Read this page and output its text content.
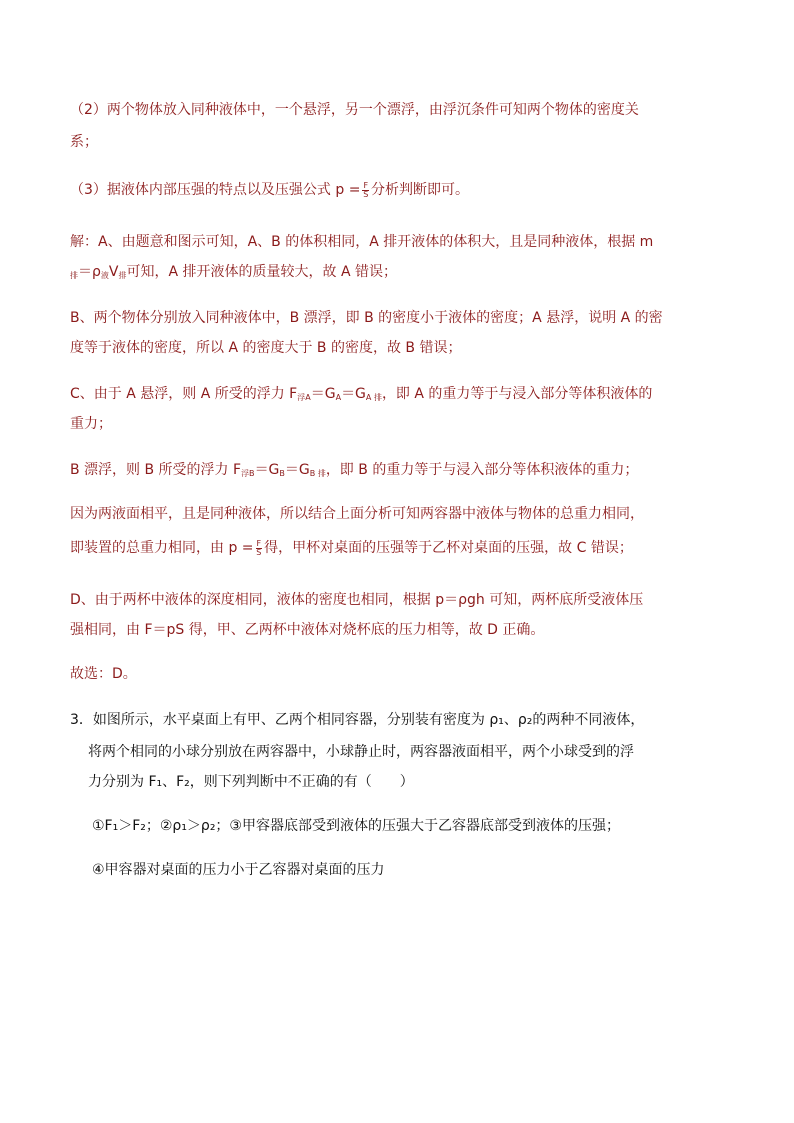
（2）两个物体放入同种液体中，一个悬浮，另一个漂浮，由浮沉条件可知两个物体的密度关
系；
（3）据液体内部压强的特点以及压强公式 $p = \frac{F}{S}$ 分析判断即可。
解：A、由题意和图示可知，A、B 的体积相同，A 排开液体的体积大，且是同种液体，根据 m
$_排=\rho_液V_排$可知，A 排开液体的质量较大，故 A 错误；
B、两个物体分别放入同种液体中，B 漂浮，即 B 的密度小于液体的密度；A 悬浮，说明 A 的密
度等于液体的密度，所以 A 的密度大于 B 的密度，故 B 错误；
C、由于 A 悬浮，则 A 所受的浮力 $F_{浮A}=G_A=G_{A 排}$，即 A 的重力等于与浸入部分等体积液体的
重力；
B 漂浮，则 B 所受的浮力 $F_{浮B}=G_B=G_{B 排}$，即 B 的重力等于与浸入部分等体积液体的重力；
因为两液面相平，且是同种液体，所以结合上面分析可知两容器中液体与物体的总重力相同，
即装置的总重力相同，由 $p = \frac{F}{S}$ 得，甲杯对桌面的压强等于乙杯对桌面的压强，故 C 错误；
D、由于两杯中液体的深度相同，液体的密度也相同，根据 p＝ρgh 可知，两杯底所受液体压
强相同，由 F＝pS 得，甲、乙两杯中液体对烧杯底的压力相等，故 D 正确。
故选：D。
3．如图所示，水平桌面上有甲、乙两个相同容器，分别装有密度为 ρ₁、ρ₂的两种不同液体，
将两个相同的小球分别放在两容器中，小球静止时，两容器液面相平，两个小球受到的浮
力分别为 F₁、F₂，则下列判断中不正确的有（　　）
①F₁＞F₂；②ρ₁＞ρ₂；③甲容器底部受到液体的压强大于乙容器底部受到液体的压强；
④甲容器对桌面的压力小于乙容器对桌面的压力
